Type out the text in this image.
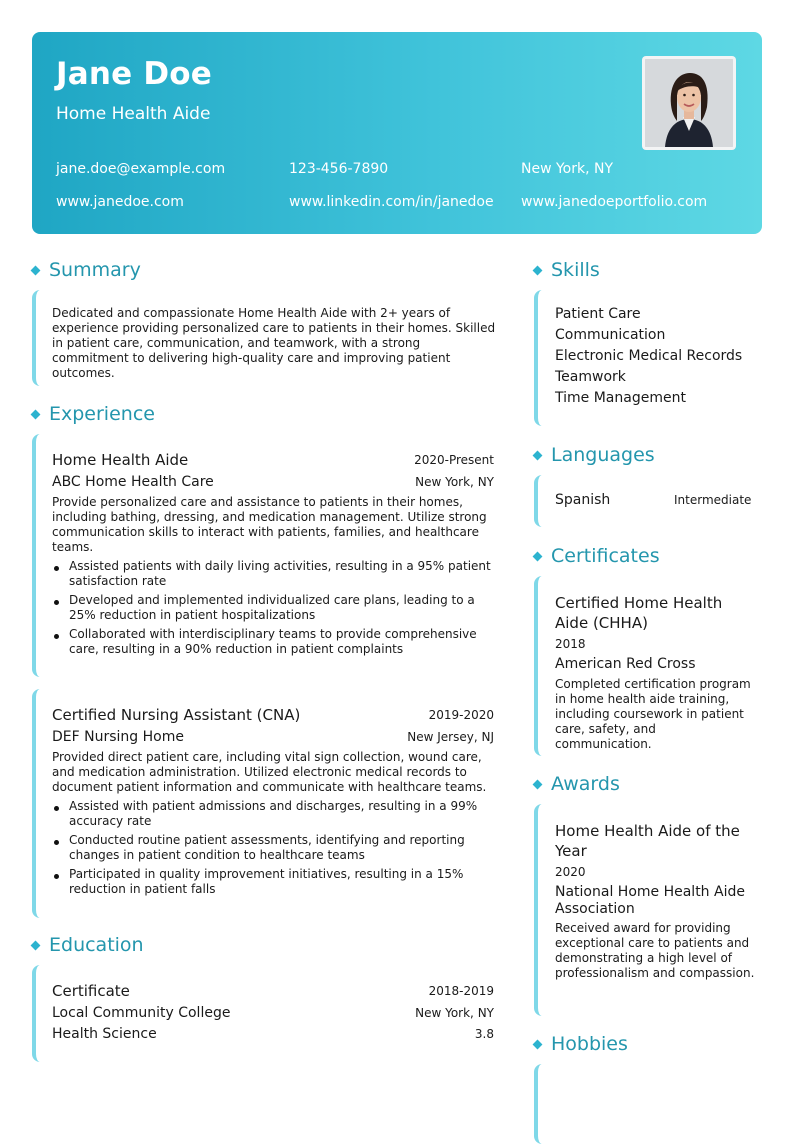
Jane Doe
Home Health Aide
jane.doe@example.com	123-456-7890	New York, NY
www.janedoe.com	www.linkedin.com/in/janedoe www.janedoeportfolio.com
Summary
Dedicated and compassionate Home Health Aide with 2+ years of experience providing personalized care to patients in their homes. Skilled in patient care, communication, and teamwork, with a strong commitment to delivering high-quality care and improving patient outcomes.
Experience
Home Health Aide	2020-Present
ABC Home Health Care	New York, NY
Provide personalized care and assistance to patients in their homes, including bathing, dressing, and medication management. Utilize strong communication skills to interact with patients, families, and healthcare teams.
Assisted patients with daily living activities, resulting in a 95% patient satisfaction rate
Developed and implemented individualized care plans, leading to a 25% reduction in patient hospitalizations
Collaborated with interdisciplinary teams to provide comprehensive care, resulting in a 90% reduction in patient complaints
Certified Nursing Assistant (CNA)	2019-2020
DEF Nursing Home	New Jersey, NJ
Provided direct patient care, including vital sign collection, wound care, and medication administration. Utilized electronic medical records to document patient information and communicate with healthcare teams.
Assisted with patient admissions and discharges, resulting in a 99% accuracy rate
Conducted routine patient assessments, identifying and reporting changes in patient condition to healthcare teams
Participated in quality improvement initiatives, resulting in a 15% reduction in patient falls
Education
Certificate	2018-2019
Local Community College	New York, NY
Health Science	3.8
Skills
Patient Care
Communication
Electronic Medical Records
Teamwork
Time Management
Languages
Spanish	Intermediate
Certificates
Certified Home Health Aide (CHHA)
2018
American Red Cross
Completed certification program in home health aide training, including coursework in patient care, safety, and communication.
Awards
Home Health Aide of the Year
2020
National Home Health Aide Association
Received award for providing exceptional care to patients and demonstrating a high level of professionalism and compassion.
Hobbies
